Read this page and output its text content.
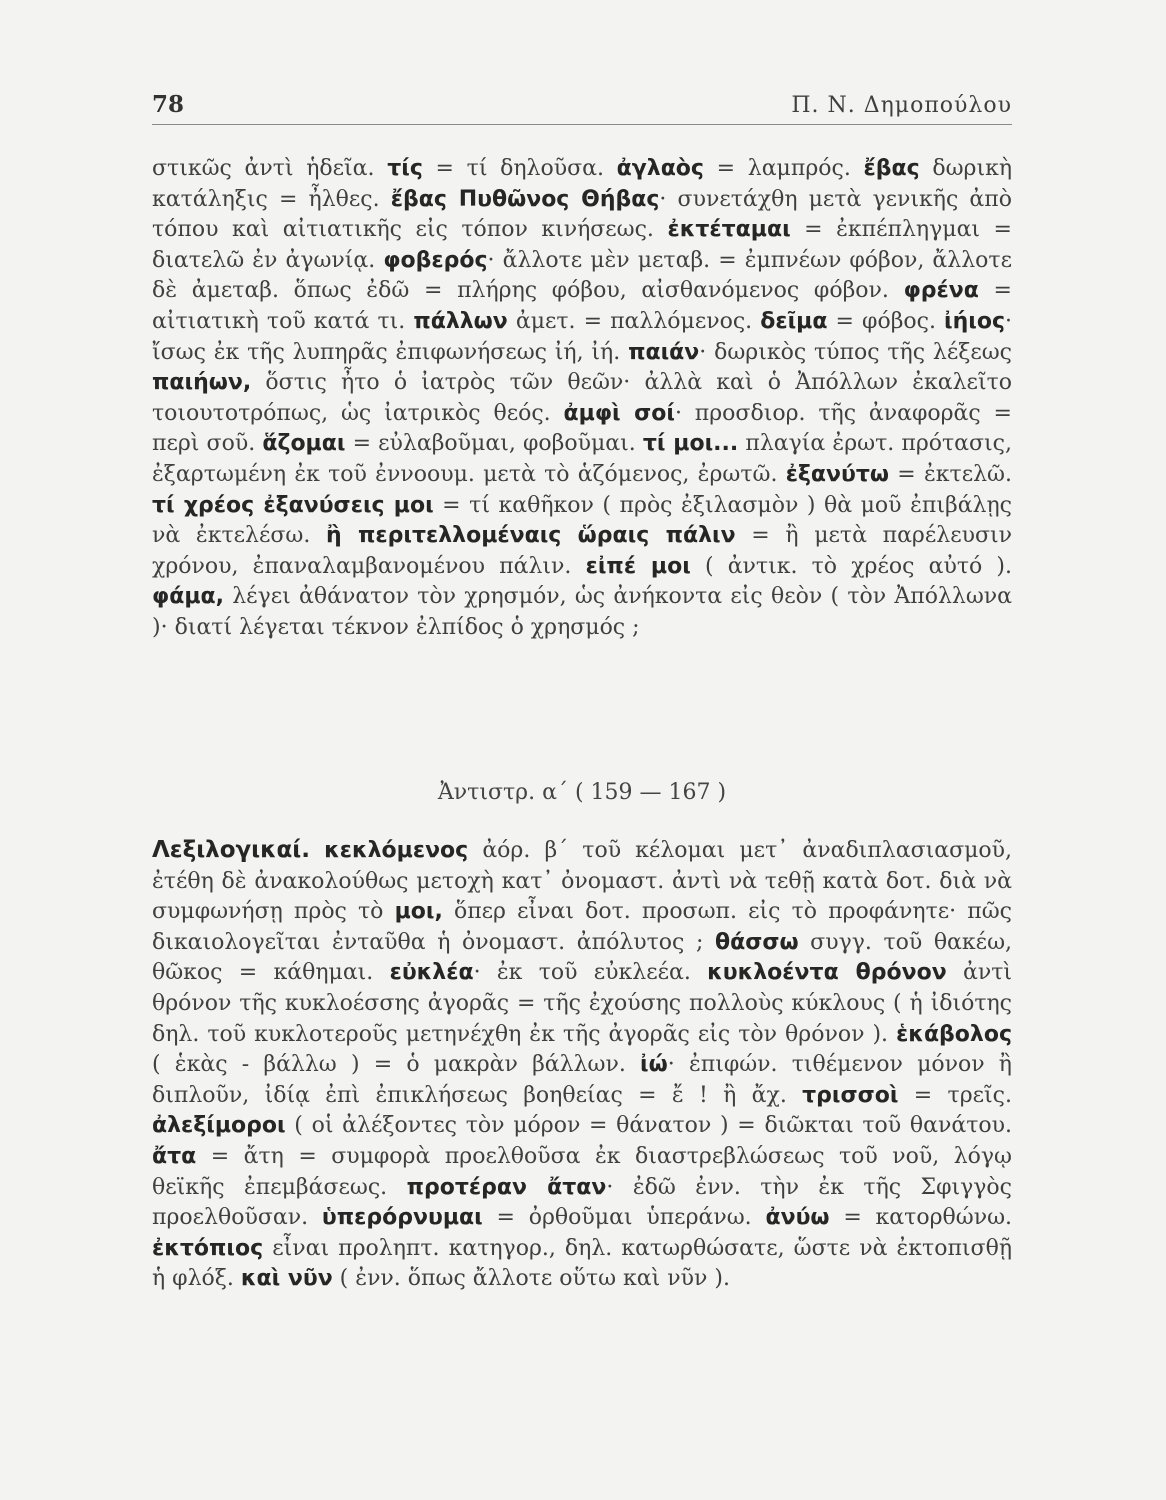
78	Π. Ν. Δημοπούλου

στικῶς ἀντὶ ἡδεῖα. τίς = τί δηλοῦσα. ἀγλαὸς = λαμπρός. ἔβας δωρικὴ κατάληξις = ἦλθες. ἔβας Πυθῶνος Θήβας· συνετάχθη μετὰ γενικῆς ἀπὸ τόπου καὶ αἰτιατικῆς εἰς τόπον κινήσεως. ἐκτέταμαι = ἐκπέπληγμαι = διατελῶ ἐν ἀγωνίᾳ. φοβερός· ἄλλοτε μὲν μεταβ. = ἐμπνέων φόβον, ἄλλοτε δὲ ἀμεταβ. ὅπως ἐδῶ = πλήρης φόβου, αἰσθανόμενος φόβον. φρένα = αἰτιατικὴ τοῦ κατά τι. πάλλων ἀμετ. = παλλόμενος. δεῖμα = φόβος. ἰήιος· ἴσως ἐκ τῆς λυπηρᾶς ἐπιφωνήσεως ἰή, ἰή. παιάν· δωρικὸς τύπος τῆς λέξεως παιήων, ὅστις ἦτο ὁ ἰατρὸς τῶν θεῶν· ἀλλὰ καὶ ὁ Ἀπόλλων ἐκαλεῖτο τοιουτοτρόπως, ὡς ἰατρικὸς θεός. ἀμφὶ σοί· προσδιορ. τῆς ἀναφορᾶς = περὶ σοῦ. ἅζομαι = εὐλαβοῦμαι, φοβοῦμαι. τί μοι... πλαγία ἐρωτ. πρότασις, ἐξαρτωμένη ἐκ τοῦ ἐννοουμ. μετὰ τὸ ἁζόμενος, ἐρωτῶ. ἐξανύτω = ἐκτελῶ. τί χρέος ἐξανύσεις μοι = τί καθῆκον ( πρὸς ἐξιλασμὸν ) θὰ μοῦ ἐπιβάλῃς νὰ ἐκτελέσω. ἢ περιτελλομέναις ὥραις πάλιν = ἢ μετὰ παρέλευσιν χρόνου, ἐπαναλαμβανομένου πάλιν. εἰπέ μοι ( ἀντικ. τὸ χρέος αὐτό ). φάμα, λέγει ἀθάνατον τὸν χρησμόν, ὡς ἀνήκοντα εἰς θεὸν ( τὸν Ἀπόλλωνα )· διατί λέγεται τέκνον ἐλπίδος ὁ χρησμός ;

Ἀντιστρ. α΄ ( 159 — 167 )

Λεξιλογικαί. κεκλόμενος ἀόρ. β΄ τοῦ κέλομαι μετ᾽ ἀναδιπλασιασμοῦ, ἐτέθη δὲ ἀνακολούθως μετοχὴ κατ᾽ ὀνομαστ. ἀντὶ νὰ τεθῇ κατὰ δοτ. διὰ νὰ συμφωνήσῃ πρὸς τὸ μοι, ὅπερ εἶναι δοτ. προσωπ. εἰς τὸ προφάνητε· πῶς δικαιολογεῖται ἐνταῦθα ἡ ὀνομαστ. ἀπόλυτος ; θάσσω συγγ. τοῦ θακέω, θῶκος = κάθημαι. εὐκλέα· ἐκ τοῦ εὐκλεέα. κυκλοέντα θρόνον ἀντὶ θρόνον τῆς κυκλοέσσης ἀγορᾶς = τῆς ἐχούσης πολλοὺς κύκλους ( ἡ ἰδιότης δηλ. τοῦ κυκλοτεροῦς μετηνέχθη ἐκ τῆς ἀγορᾶς εἰς τὸν θρόνον ). ἑκάβολος ( ἑκὰς - βάλλω ) = ὁ μακρὰν βάλλων. ἰώ· ἐπιφών. τιθέμενον μόνον ἢ διπλοῦν, ἰδίᾳ ἐπὶ ἐπικλήσεως βοηθείας = ἔ ! ἢ ἄχ. τρισσοὶ = τρεῖς. ἀλεξίμοροι ( οἱ ἀλέξοντες τὸν μόρον = θάνατον ) = διῶκται τοῦ θανάτου. ἄτα = ἄτη = συμφορὰ προελθοῦσα ἐκ διαστρεβλώσεως τοῦ νοῦ, λόγῳ θεϊκῆς ἐπεμβάσεως. προτέραν ἄταν· ἐδῶ ἐνν. τὴν ἐκ τῆς Σφιγγὸς προελθοῦσαν. ὑπερόρνυμαι = ὀρθοῦμαι ὑπεράνω. ἀνύω = κατορθώνω. ἐκτόπιος εἶναι προληπτ. κατηγορ., δηλ. κατωρθώσατε, ὥστε νὰ ἐκτοπισθῇ ἡ φλόξ. καὶ νῦν ( ἐνν. ὅπως ἄλλοτε οὕτω καὶ νῦν ).
